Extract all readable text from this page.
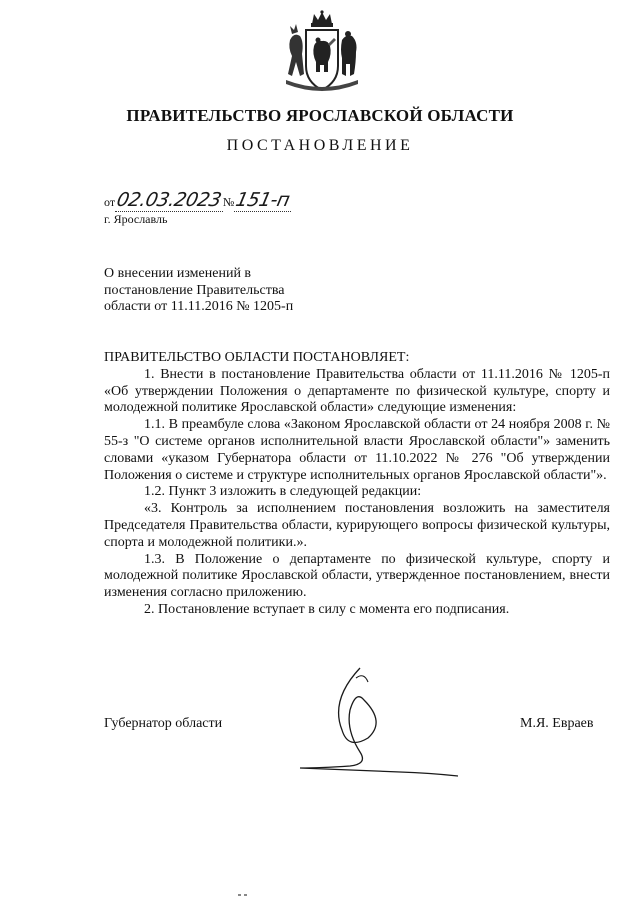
ПРАВИТЕЛЬСТВО ЯРОСЛАВСКОЙ ОБЛАСТИ
ПОСТАНОВЛЕНИЕ
от 02.03.2023 № 151-п
г. Ярославль
О внесении изменений в
постановление Правительства
области от 11.11.2016 № 1205-п

ПРАВИТЕЛЬСТВО ОБЛАСТИ ПОСТАНОВЛЯЕТ:

1. Внести в постановление Правительства области от 11.11.2016 № 1205-п «Об утверждении Положения о департаменте по физической культуре, спорту и молодежной политике Ярославской области» следующие изменения:

1.1. В преамбуле слова «Законом Ярославской области от 24 ноября 2008 г. № 55-з "О системе органов исполнительной власти Ярославской области"» заменить словами «указом Губернатора области от 11.10.2022 № 276 "Об утверждении Положения о системе и структуре исполнительных органов Ярославской области"».

1.2. Пункт 3 изложить в следующей редакции:

«3. Контроль за исполнением постановления возложить на заместителя Председателя Правительства области, курирующего вопросы физической культуры, спорта и молодежной политики.».

1.3. В Положение о департаменте по физической культуре, спорту и молодежной политике Ярославской области, утвержденное постановлением, внести изменения согласно приложению.

2. Постановление вступает в силу с момента его подписания.

Губернатор области	М.Я. Евраев
